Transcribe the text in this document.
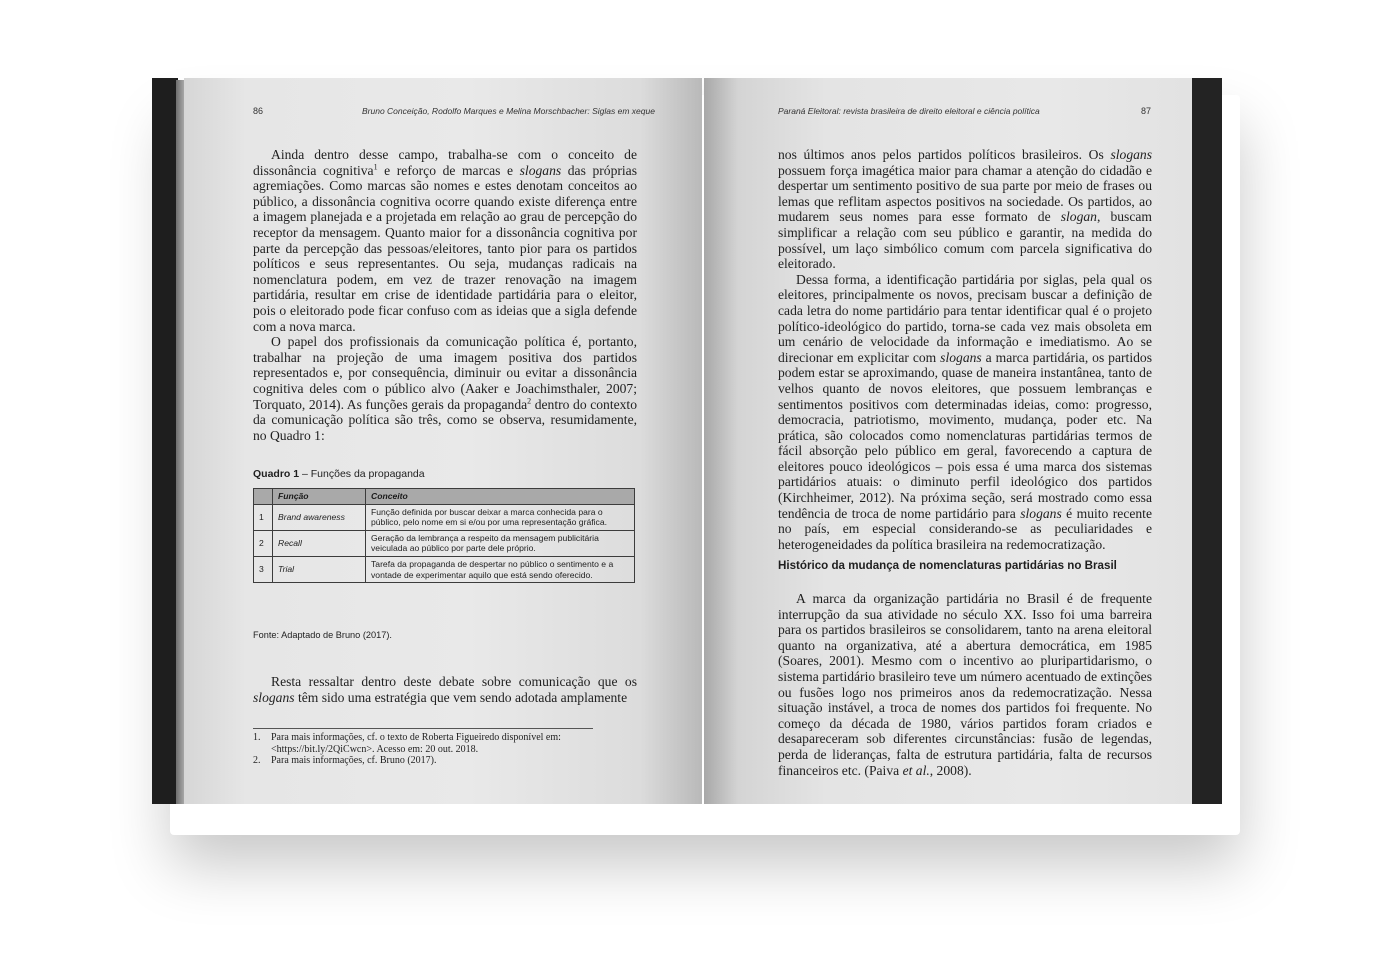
86	Bruno Conceição, Rodolfo Marques e Melina Morschbacher: Siglas em xeque

Ainda dentro desse campo, trabalha-se com o conceito de dissonância cognitiva$^1$ e reforço de marcas e slogans das próprias agremiações. Como marcas são nomes e estes denotam conceitos ao público, a dissonância cognitiva ocorre quando existe diferença entre a imagem planejada e a projetada em relação ao grau de percepção do receptor da mensagem. Quanto maior for a dissonância cognitiva por parte da percepção das pessoas/eleitores, tanto pior para os partidos políticos e seus representantes. Ou seja, mudanças radicais na nomenclatura podem, em vez de trazer renovação na imagem partidária, resultar em crise de identidade partidária para o eleitor, pois o eleitorado pode ficar confuso com as ideias que a sigla defende com a nova marca.

O papel dos profissionais da comunicação política é, portanto, trabalhar na projeção de uma imagem positiva dos partidos representados e, por consequência, diminuir ou evitar a dissonância cognitiva deles com o público alvo (Aaker e Joachimsthaler, 2007; Torquato, 2014). As funções gerais da propaganda$^2$ dentro do contexto da comunicação política são três, como se observa, resumidamente, no Quadro 1:

Quadro 1 – Funções da propaganda
	Função	Conceito
1	Brand awareness	Função definida por buscar deixar a marca conhecida para o público, pelo nome em si e/ou por uma representação gráfica.
2	Recall	Geração da lembrança a respeito da mensagem publicitária veiculada ao público por parte dele próprio.
3	Trial	Tarefa da propaganda de despertar no público o sentimento e a vontade de experimentar aquilo que está sendo oferecido.
Fonte: Adaptado de Bruno (2017).

Resta ressaltar dentro deste debate sobre comunicação que os slogans têm sido uma estratégia que vem sendo adotada amplamente

1.	Para mais informações, cf. o texto de Roberta Figueiredo disponível em: <https://bit.ly/2QiCwcn>. Acesso em: 20 out. 2018.
2.	Para mais informações, cf. Bruno (2017).
Paraná Eleitoral: revista brasileira de direito eleitoral e ciência política	87

nos últimos anos pelos partidos políticos brasileiros. Os slogans possuem força imagética maior para chamar a atenção do cidadão e despertar um sentimento positivo de sua parte por meio de frases ou lemas que reflitam aspectos positivos na sociedade. Os partidos, ao mudarem seus nomes para esse formato de slogan, buscam simplificar a relação com seu público e garantir, na medida do possível, um laço simbólico comum com parcela significativa do eleitorado.

Dessa forma, a identificação partidária por siglas, pela qual os eleitores, principalmente os novos, precisam buscar a definição de cada letra do nome partidário para tentar identificar qual é o projeto político-ideológico do partido, torna-se cada vez mais obsoleta em um cenário de velocidade da informação e imediatismo. Ao se direcionar em explicitar com slogans a marca partidária, os partidos podem estar se aproximando, quase de maneira instantânea, tanto de velhos quanto de novos eleitores, que possuem lembranças e sentimentos positivos com determinadas ideias, como: progresso, democracia, patriotismo, movimento, mudança, poder etc. Na prática, são colocados como nomenclaturas partidárias termos de fácil absorção pelo público em geral, favorecendo a captura de eleitores pouco ideológicos – pois essa é uma marca dos sistemas partidários atuais: o diminuto perfil ideológico dos partidos (Kirchheimer, 2012). Na próxima seção, será mostrado como essa tendência de troca de nome partidário para slogans é muito recente no país, em especial considerando-se as peculiaridades e heterogeneidades da política brasileira na redemocratização.

Histórico da mudança de nomenclaturas partidárias no Brasil

A marca da organização partidária no Brasil é de frequente interrupção da sua atividade no século XX. Isso foi uma barreira para os partidos brasileiros se consolidarem, tanto na arena eleitoral quanto na organizativa, até a abertura democrática, em 1985 (Soares, 2001). Mesmo com o incentivo ao pluripartidarismo, o sistema partidário brasileiro teve um número acentuado de extinções ou fusões logo nos primeiros anos da redemocratização. Nessa situação instável, a troca de nomes dos partidos foi frequente. No começo da década de 1980, vários partidos foram criados e desapareceram sob diferentes circunstâncias: fusão de legendas, perda de lideranças, falta de estrutura partidária, falta de recursos financeiros etc. (Paiva et al., 2008).
